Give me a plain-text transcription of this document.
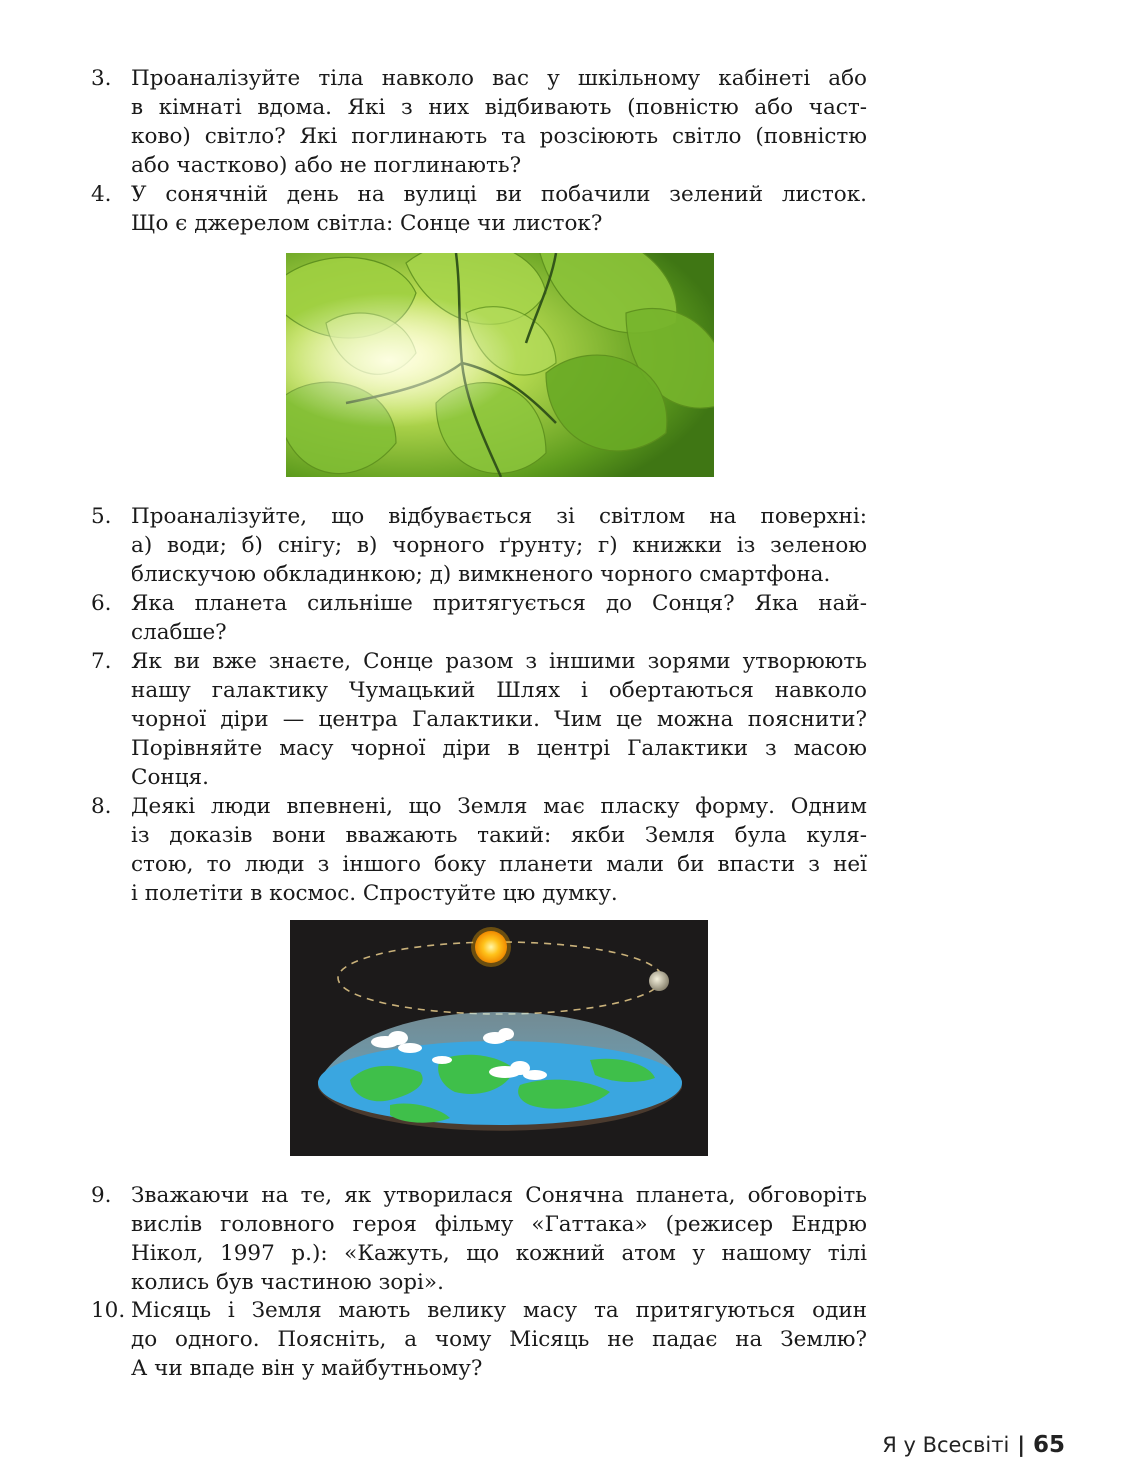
3. Проаналізуйте тіла навколо вас у шкільному кабінеті або
в кімнаті вдома. Які з них відбивають (повністю або част-
ково) світло? Які поглинають та розсіюють світло (повністю
або частково) або не поглинають?
4. У сонячній день на вулиці ви побачили зелений листок.
Що є джерелом світла: Сонце чи листок?
5. Проаналізуйте, що відбувається зі світлом на поверхні:
а) води; б) снігу; в) чорного ґрунту; г) книжки із зеленою
блискучою обкладинкою; д) вимкненого чорного смартфона.
6. Яка планета сильніше притягується до Сонця? Яка най-
слабше?
7. Як ви вже знаєте, Сонце разом з іншими зорями утворюють
нашу галактику Чумацький Шлях і обертаються навколо
чорної діри — центра Галактики. Чим це можна пояснити?
Порівняйте масу чорної діри в центрі Галактики з масою
Сонця.
8. Деякі люди впевнені, що Земля має пласку форму. Одним
із доказів вони вважають такий: якби Земля була куля-
стою, то люди з іншого боку планети мали би впасти з неї
і полетіти в космос. Спростуйте цю думку.
9. Зважаючи на те, як утворилася Сонячна планета, обговоріть
вислів головного героя фільму «Гаттака» (режисер Ендрю
Нікол, 1997 р.): «Кажуть, що кожний атом у нашому тілі
колись був частиною зорі».
10. Місяць і Земля мають велику масу та притягуються один
до одного. Поясніть, а чому Місяць не падає на Землю?
А чи впаде він у майбутньому?
Я у Всесвіті | 65
